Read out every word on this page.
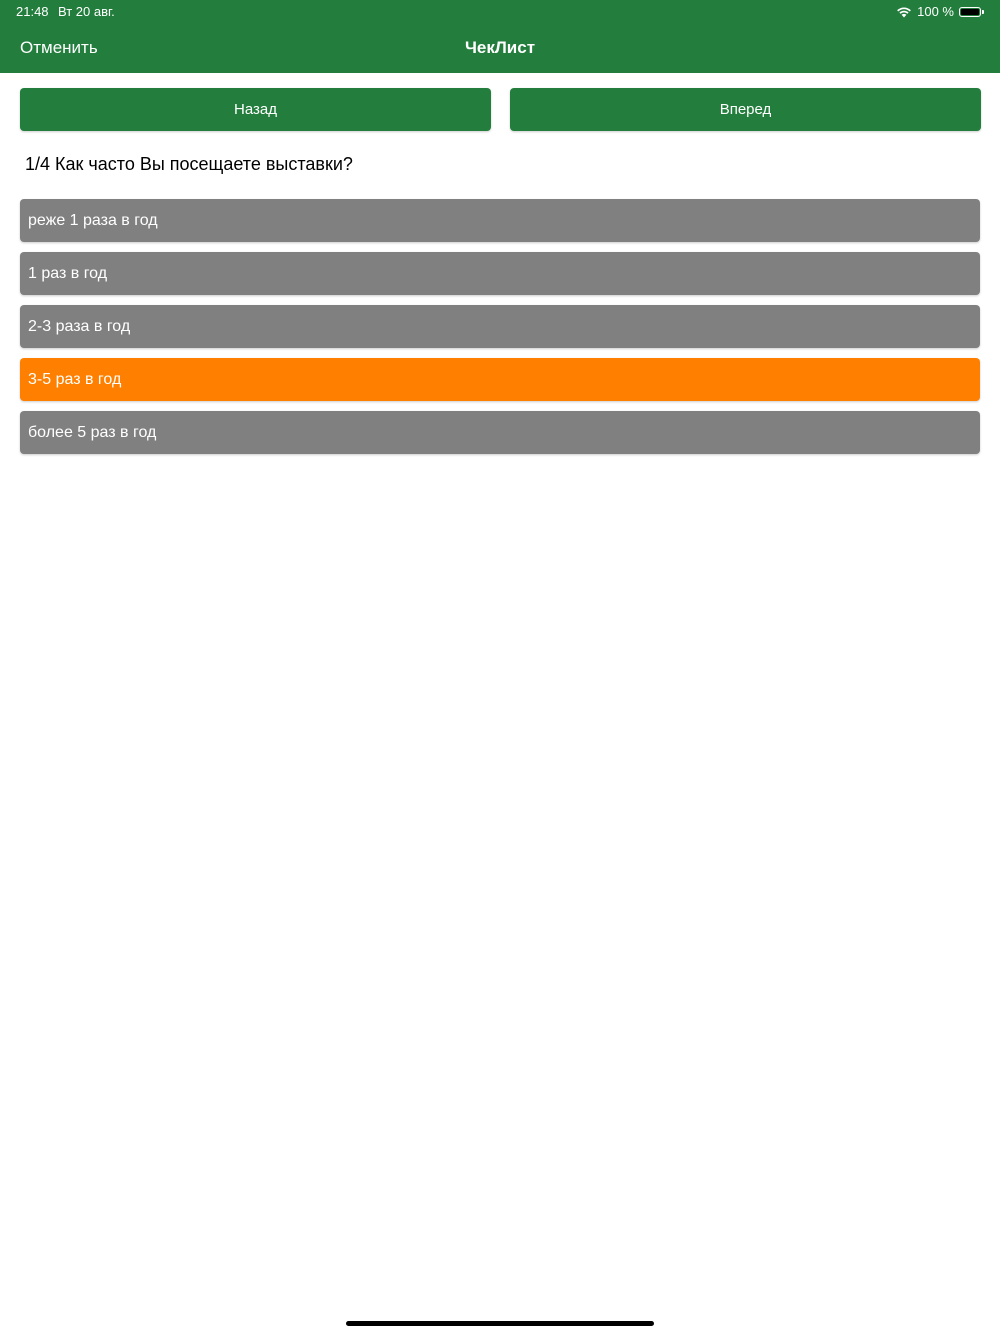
21:48 Вт 20 авг.	100 %
Отменить	ЧекЛист
Назад	Вперед
1/4 Как часто Вы посещаете выставки?
реже 1 раза в год
1 раз в год
2-3 раза в год
3-5 раз в год
более 5 раз в год
